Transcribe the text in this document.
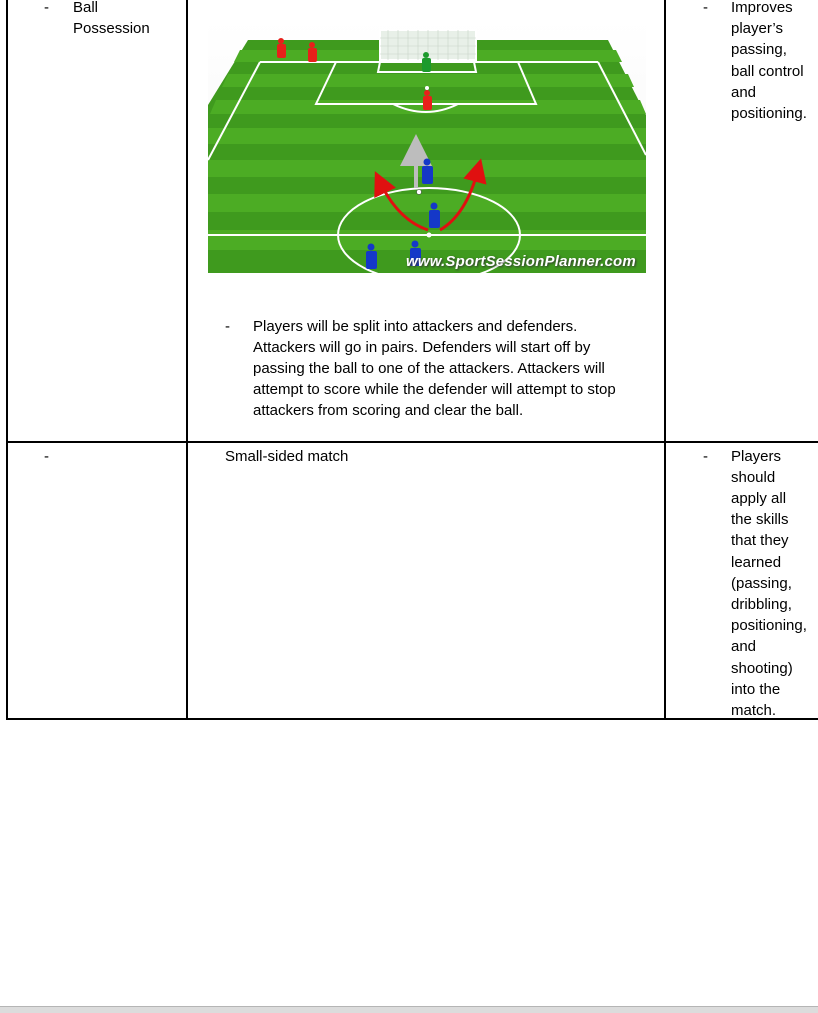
- Ball
Possession
www.SportSessionPlanner.com
- Players will be split into attackers and defenders.
Attackers will go in pairs. Defenders will start off by
passing the ball to one of the attackers. Attackers will
attempt to score while the defender will attempt to stop
attackers from scoring and clear the ball.
- Improves
player’s
passing,
ball control
and
positioning.
-	Small-sided match	- Players
should
apply all
the skills
that they
learned
(passing,
dribbling,
positioning,
and
shooting)
into the
match.
